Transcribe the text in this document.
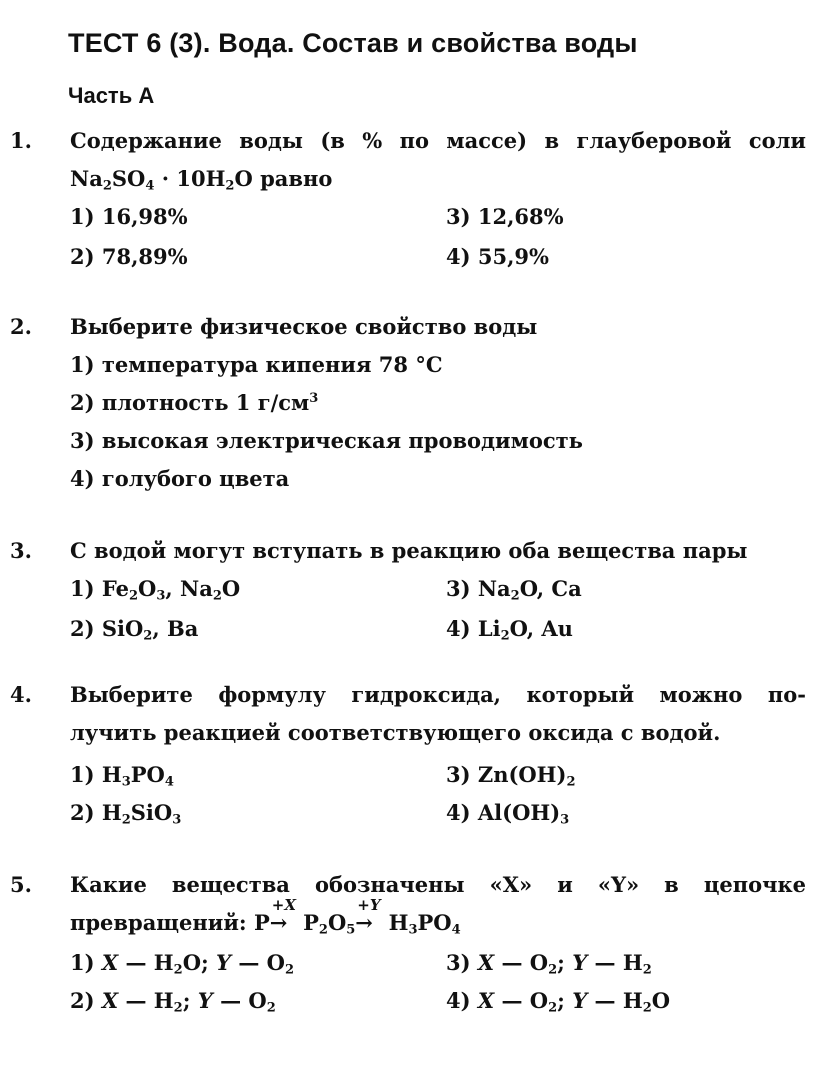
ТЕСТ 6 (3). Вода. Состав и свойства воды
Часть А
1. Содержание воды (в % по массе) в глауберовой соли
$Na_2SO_4 \cdot 10H_2O$ равно
1) 16,98%
2) 78,89%
3) 12,68%
4) 55,9%
2. Выберите физическое свойство воды
1) температура кипения 78 °C
2) плотность 1 $г/см^3$
3) высокая электрическая проводимость
4) голубого цвета
3. С водой могут вступать в реакцию оба вещества пары
1) $Fe_2O_3$, $Na_2O$
2) SiO$_2$, Ba
3) $Na_2O$, Ca
4) $Li_2O$, Au
4. Выберите формулу гидроксида, который можно по-
лучить реакцией соответствующего оксида с водой.
1) $H_3PO_4$
2) $H_2SiO_3$
3) $Zn(OH)_2$
4) $Al(OH)_3$
5. Какие вещества обозначены «X» и «Y» в цепочке
превращений: P
+X
→ $P_2O_5$
+Y
→ $H_3PO_4$
1) X — $H_2O$; Y — $O_2$
2) X — $H_2$; Y — $O_2$
3) X — $O_2$; Y — $H_2$
4) X — $O_2$; Y — $H_2O$
